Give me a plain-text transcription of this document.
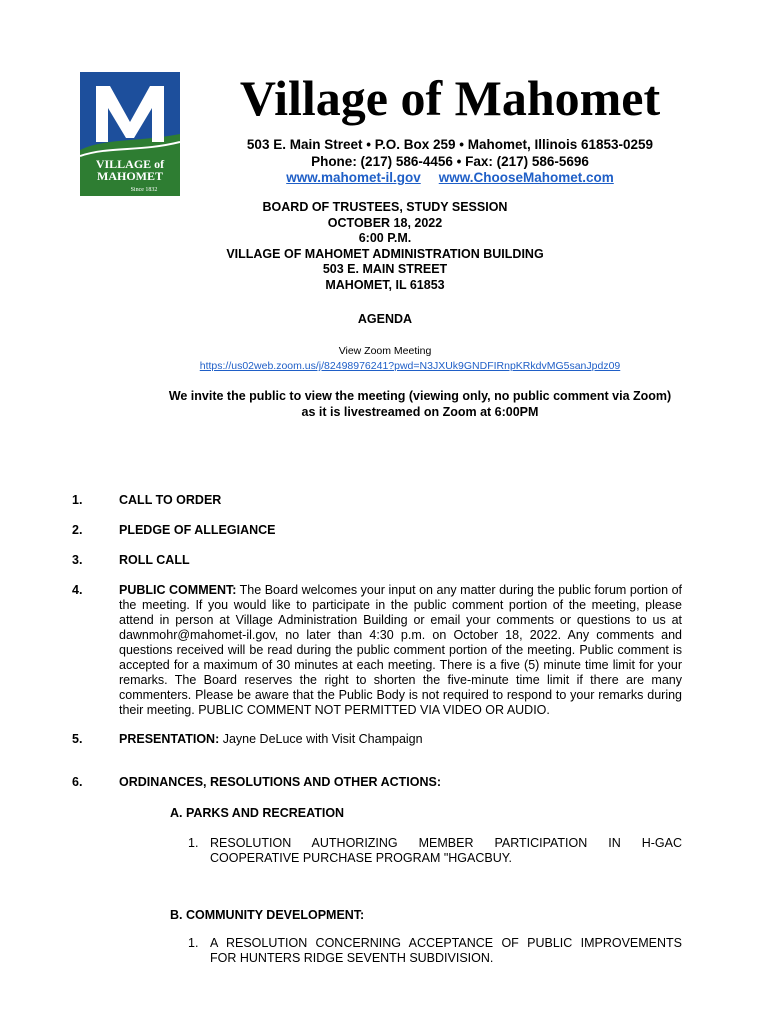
VILLAGE of
MAHOMET
Since 1832
Village of Mahomet
503 E. Main Street • P.O. Box 259 • Mahomet, Illinois 61853-0259
Phone: (217) 586-4456 • Fax: (217) 586-5696
www.mahomet-il.gov www.ChooseMahomet.com
BOARD OF TRUSTEES, STUDY SESSION
OCTOBER 18, 2022
6:00 P.M.
VILLAGE OF MAHOMET ADMINISTRATION BUILDING
503 E. MAIN STREET
MAHOMET, IL 61853
AGENDA
View Zoom Meeting
https://us02web.zoom.us/j/82498976241?pwd=N3JXUk9GNDFIRnpKRkdvMG5sanJpdz09
We invite the public to view the meeting (viewing only, no public comment via Zoom)
as it is livestreamed on Zoom at 6:00PM
1.	CALL TO ORDER
2.	PLEDGE OF ALLEGIANCE
3.	ROLL CALL
4.	PUBLIC COMMENT: The Board welcomes your input on any matter during the public forum portion of the meeting. If you would like to participate in the public comment portion of the meeting, please attend in person at Village Administration Building or email your comments or questions to us at dawnmohr@mahomet-il.gov, no later than 4:30 p.m. on October 18, 2022. Any comments and questions received will be read during the public comment portion of the meeting. Public comment is accepted for a maximum of 30 minutes at each meeting. There is a five (5) minute time limit for your remarks. The Board reserves the right to shorten the five-minute time limit if there are many commenters. Please be aware that the Public Body is not required to respond to your remarks during their meeting. PUBLIC COMMENT NOT PERMITTED VIA VIDEO OR AUDIO.
5.	PRESENTATION: Jayne DeLuce with Visit Champaign
6.	ORDINANCES, RESOLUTIONS AND OTHER ACTIONS:
A. PARKS AND RECREATION
1. RESOLUTION AUTHORIZING MEMBER PARTICIPATION IN H-GAC COOPERATIVE PURCHASE PROGRAM "HGACBUY.
B. COMMUNITY DEVELOPMENT:
1. A RESOLUTION CONCERNING ACCEPTANCE OF PUBLIC IMPROVEMENTS FOR HUNTERS RIDGE SEVENTH SUBDIVISION.
